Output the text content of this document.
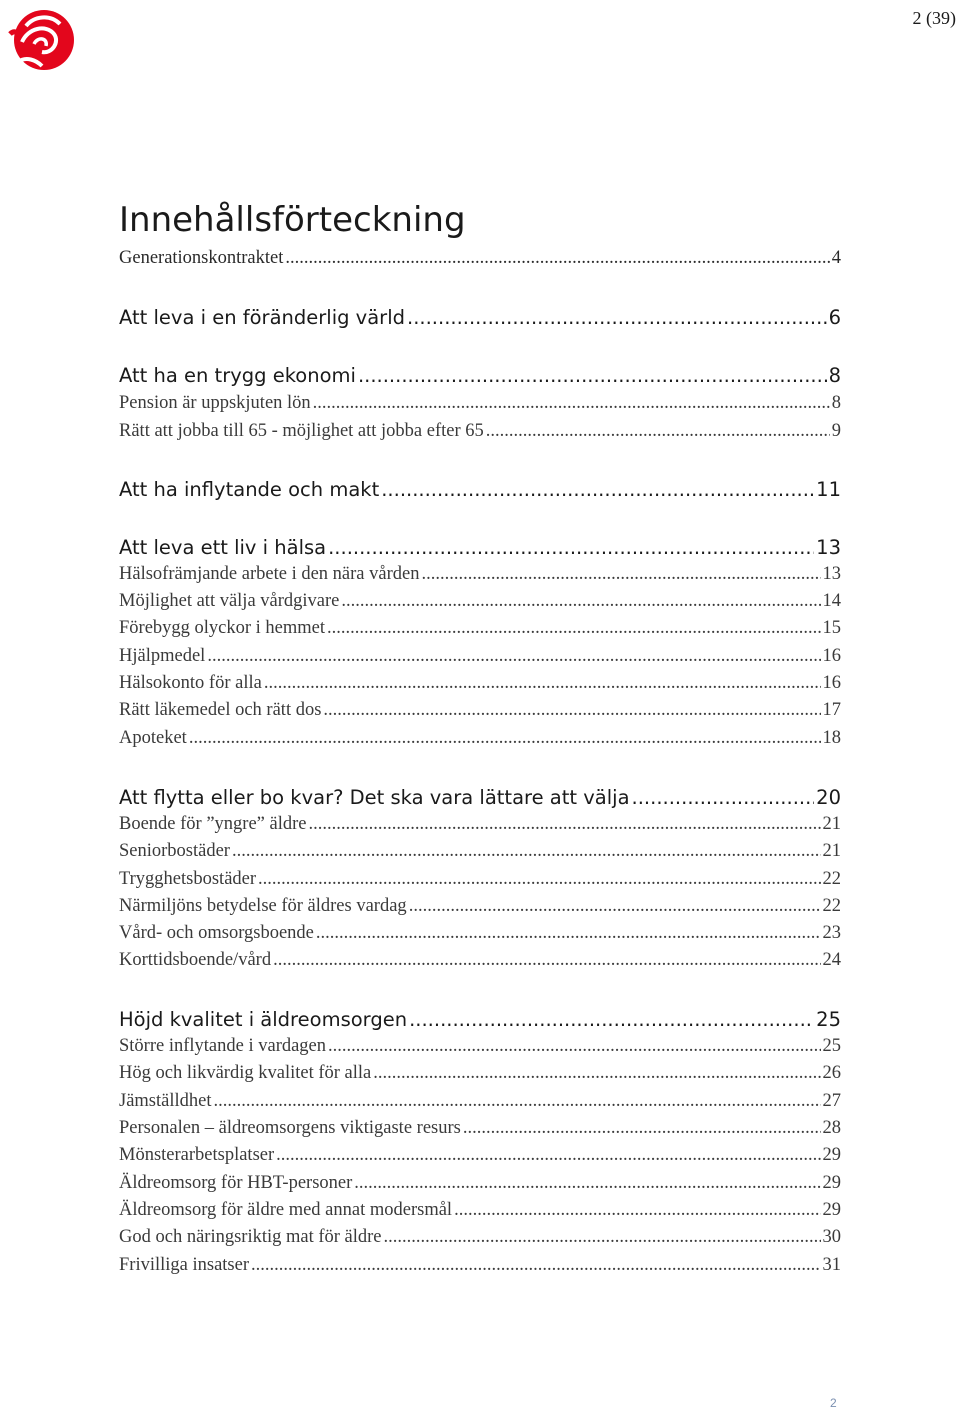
2 (39)
Innehållsförteckning
Generationskontraktet .....	4
Att leva i en föränderlig värld .....	6
Att ha en trygg ekonomi .....	8
Pension är uppskjuten lön .....	8
Rätt att jobba till 65 - möjlighet att jobba efter 65 .....	9
Att ha inflytande och makt .....	11
Att leva ett liv i hälsa .....	13
Hälsofrämjande arbete i den nära vården .....	13
Möjlighet att välja vårdgivare .....	14
Förebygg olyckor i hemmet .....	15
Hjälpmedel .....	16
Hälsokonto för alla .....	16
Rätt läkemedel och rätt dos .....	17
Apoteket .....	18
Att flytta eller bo kvar? Det ska vara lättare att välja .....	20
Boende för ”yngre” äldre .....	21
Seniorbostäder .....	21
Trygghetsbostäder .....	22
Närmiljöns betydelse för äldres vardag .....	22
Vård- och omsorgsboende .....	23
Korttidsboende/vård .....	24
Höjd kvalitet i äldreomsorgen .....	25
Större inflytande i vardagen .....	25
Hög och likvärdig kvalitet för alla .....	26
Jämställdhet .....	27
Personalen – äldreomsorgens viktigaste resurs .....	28
Mönsterarbetsplatser .....	29
Äldreomsorg för HBT-personer .....	29
Äldreomsorg för äldre med annat modersmål .....	29
God och näringsriktig mat för äldre .....	30
Frivilliga insatser .....	31
2
